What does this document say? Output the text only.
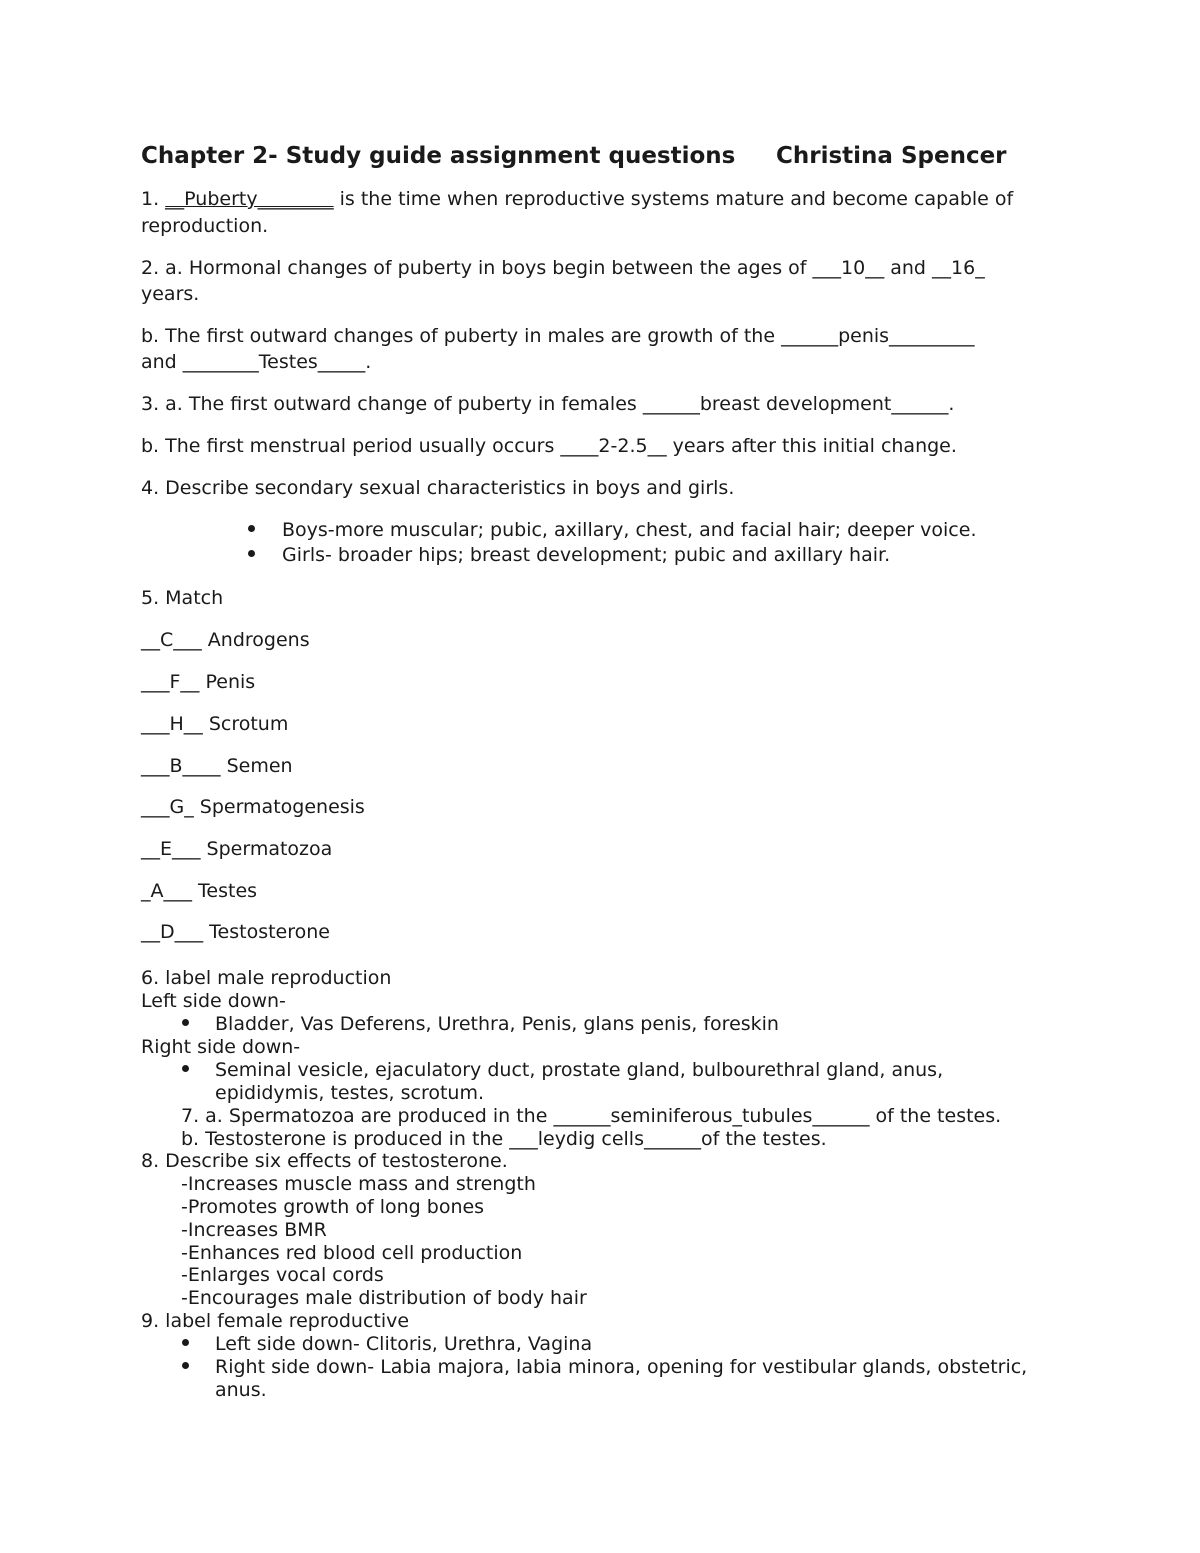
Chapter 2- Study guide assignment questions Christina Spencer
1. __Puberty________ is the time when reproductive systems mature and become capable of
reproduction.
2. a. Hormonal changes of puberty in boys begin between the ages of ___10__ and __16_
years.
b. The first outward changes of puberty in males are growth of the ______penis_________
and ________Testes_____.
3. a. The first outward change of puberty in females ______breast development______.
b. The first menstrual period usually occurs ____2-2.5__ years after this initial change.
4. Describe secondary sexual characteristics in boys and girls.
Boys-more muscular; pubic, axillary, chest, and facial hair; deeper voice.
Girls- broader hips; breast development; pubic and axillary hair.
5. Match
__C___ Androgens
___F__ Penis
___H__ Scrotum
___B____ Semen
___G_ Spermatogenesis
__E___ Spermatozoa
_A___ Testes
__D___ Testosterone
6. label male reproduction
Left side down-
Bladder, Vas Deferens, Urethra, Penis, glans penis, foreskin
Right side down-
Seminal vesicle, ejaculatory duct, prostate gland, bulbourethral gland, anus,
epididymis, testes, scrotum.
7. a. Spermatozoa are produced in the ______seminiferous_tubules______ of the testes.
b. Testosterone is produced in the ___leydig cells______of the testes.
8. Describe six effects of testosterone.
-Increases muscle mass and strength
-Promotes growth of long bones
-Increases BMR
-Enhances red blood cell production
-Enlarges vocal cords
-Encourages male distribution of body hair
9. label female reproductive
Left side down- Clitoris, Urethra, Vagina
Right side down- Labia majora, labia minora, opening for vestibular glands, obstetric,
anus.
